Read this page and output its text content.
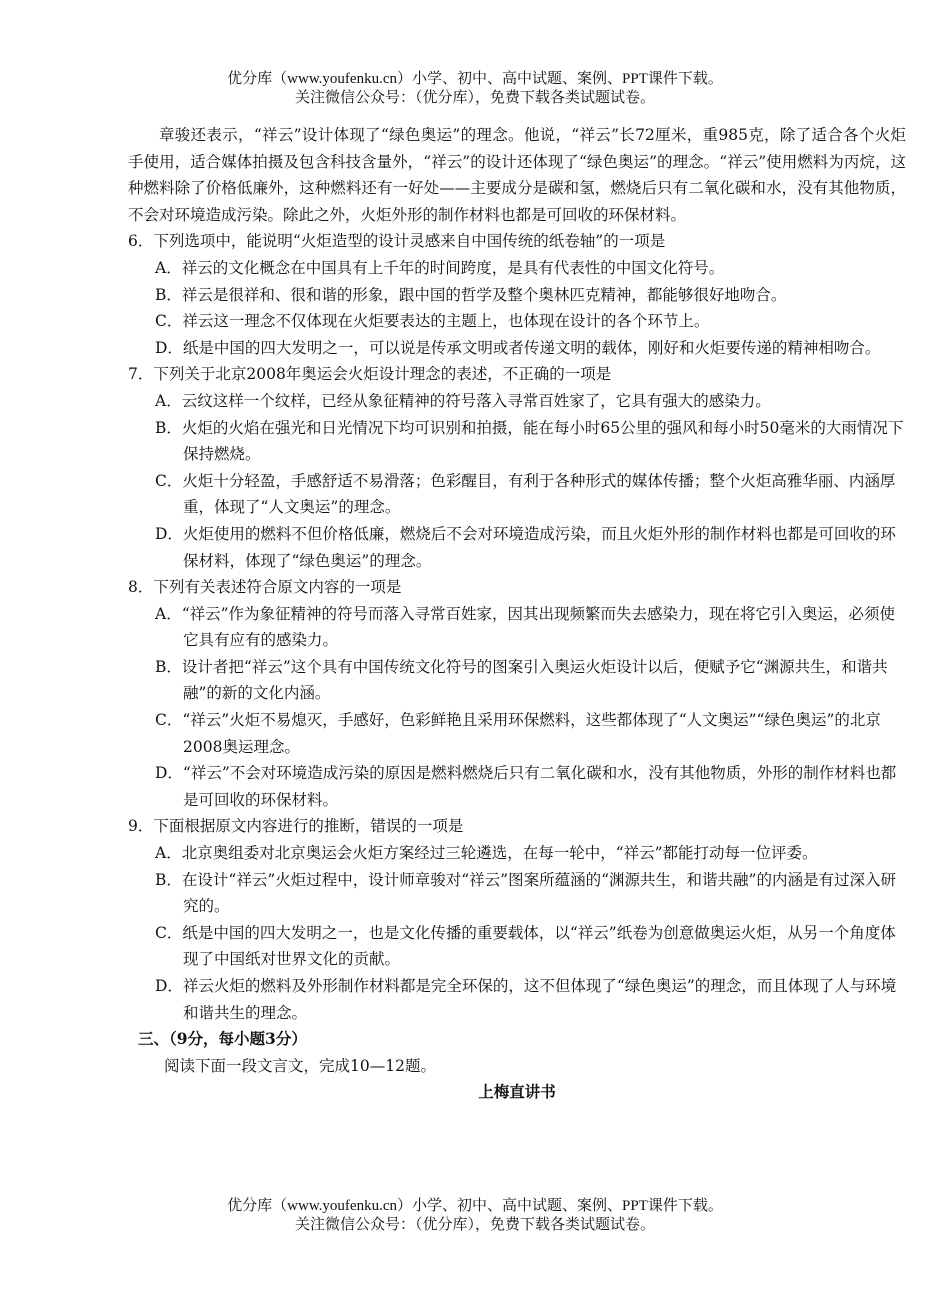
优分库（www.youfenku.cn）小学、初中、高中试题、案例、PPT课件下载。
关注微信公众号：（优分库），免费下载各类试题试卷。

章骏还表示，“祥云”设计体现了“绿色奥运”的理念。他说，“祥云”长72厘米，重985克，除了适合各个火炬手使用，适合媒体拍摄及包含科技含量外，“祥云”的设计还体现了“绿色奥运”的理念。“祥云”使用燃料为丙烷，这种燃料除了价格低廉外，这种燃料还有一好处——主要成分是碳和氢，燃烧后只有二氧化碳和水，没有其他物质，不会对环境造成污染。除此之外，火炬外形的制作材料也都是可回收的环保材料。

6．下列选项中，能说明“火炬造型的设计灵感来自中国传统的纸卷轴”的一项是

A．祥云的文化概念在中国具有上千年的时间跨度，是具有代表性的中国文化符号。

B．祥云是很祥和、很和谐的形象，跟中国的哲学及整个奥林匹克精神，都能够很好地吻合。

C．祥云这一理念不仅体现在火炬要表达的主题上，也体现在设计的各个环节上。

D．纸是中国的四大发明之一，可以说是传承文明或者传递文明的载体，刚好和火炬要传递的精神相吻合。

7．下列关于北京2008年奥运会火炬设计理念的表述，不正确的一项是

A．云纹这样一个纹样，已经从象征精神的符号落入寻常百姓家了，它具有强大的感染力。

B．火炬的火焰在强光和日光情况下均可识别和拍摄，能在每小时65公里的强风和每小时50毫米的大雨情况下保持燃烧。

C．火炬十分轻盈，手感舒适不易滑落；色彩醒目，有利于各种形式的媒体传播；整个火炬高雅华丽、内涵厚重，体现了“人文奥运”的理念。

D．火炬使用的燃料不但价格低廉，燃烧后不会对环境造成污染，而且火炬外形的制作材料也都是可回收的环保材料，体现了“绿色奥运”的理念。

8．下列有关表述符合原文内容的一项是

A．“祥云”作为象征精神的符号而落入寻常百姓家，因其出现频繁而失去感染力，现在将它引入奥运，必须使它具有应有的感染力。

B．设计者把“祥云”这个具有中国传统文化符号的图案引入奥运火炬设计以后，便赋予它“渊源共生，和谐共融”的新的文化内涵。

C．“祥云”火炬不易熄灭，手感好，色彩鲜艳且采用环保燃料，这些都体现了“人文奥运”“绿色奥运”的北京2008奥运理念。

D．“祥云”不会对环境造成污染的原因是燃料燃烧后只有二氧化碳和水，没有其他物质，外形的制作材料也都是可回收的环保材料。

9．下面根据原文内容进行的推断，错误的一项是

A．北京奥组委对北京奥运会火炬方案经过三轮遴选，在每一轮中，“祥云”都能打动每一位评委。

B．在设计“祥云”火炬过程中，设计师章骏对“祥云”图案所蕴涵的“渊源共生，和谐共融”的内涵是有过深入研究的。

C．纸是中国的四大发明之一，也是文化传播的重要载体，以“祥云”纸卷为创意做奥运火炬，从另一个角度体现了中国纸对世界文化的贡献。

D．祥云火炬的燃料及外形制作材料都是完全环保的，这不但体现了“绿色奥运”的理念，而且体现了人与环境和谐共生的理念。

三、（9分，每小题3分）

阅读下面一段文言文，完成10—12题。

上梅直讲书

优分库（www.youfenku.cn）小学、初中、高中试题、案例、PPT课件下载。
关注微信公众号：（优分库），免费下载各类试题试卷。
